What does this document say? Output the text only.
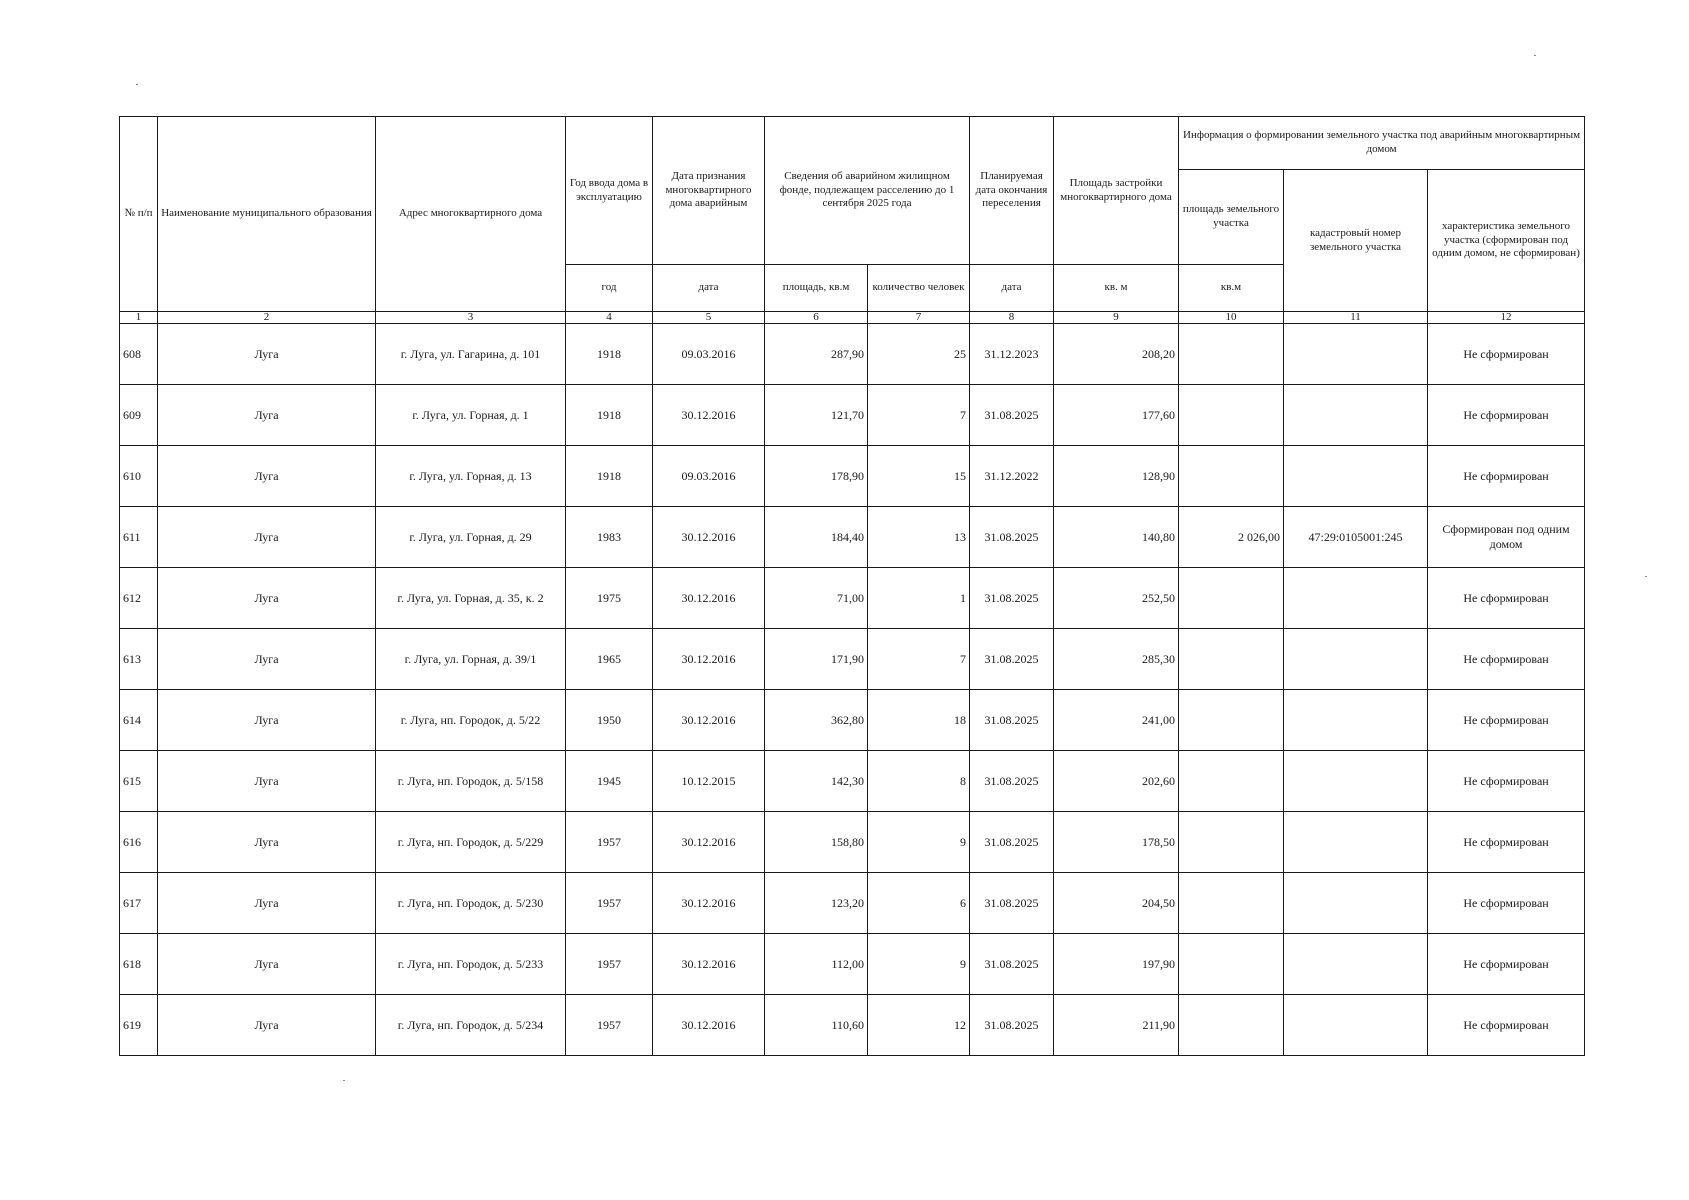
№ п/п	Наименование муниципального образования	Адрес многоквартирного дома	Год ввода дома в эксплуатацию	Дата признания многоквартирного дома аварийным	Сведения об аварийном жилищном фонде, подлежащем расселению до 1 сентября 2025 года		Планируемая дата окончания переселения	Площадь застройки многоквартирного дома	Информация о формировании земельного участка под аварийным многоквартирным домом		
									площадь земельного участка	кадастровый номер земельного участка	характеристика земельного участка (сформирован под одним домом, не сформирован)
			год	дата	площадь, кв.м	количество человек	дата	кв. м	кв.м		
1	2	3	4	5	6	7	8	9	10	11	12
608	Луга	г. Луга, ул. Гагарина, д. 101	1918	09.03.2016	287,90	25	31.12.2023	208,20			Не сформирован
609	Луга	г. Луга, ул. Горная, д. 1	1918	30.12.2016	121,70	7	31.08.2025	177,60			Не сформирован
610	Луга	г. Луга, ул. Горная, д. 13	1918	09.03.2016	178,90	15	31.12.2022	128,90			Не сформирован
611	Луга	г. Луга, ул. Горная, д. 29	1983	30.12.2016	184,40	13	31.08.2025	140,80	2 026,00	47:29:0105001:245	Сформирован под одним домом
612	Луга	г. Луга, ул. Горная, д. 35, к. 2	1975	30.12.2016	71,00	1	31.08.2025	252,50			Не сформирован
613	Луга	г. Луга, ул. Горная, д. 39/1	1965	30.12.2016	171,90	7	31.08.2025	285,30			Не сформирован
614	Луга	г. Луга, нп. Городок, д. 5/22	1950	30.12.2016	362,80	18	31.08.2025	241,00			Не сформирован
615	Луга	г. Луга, нп. Городок, д. 5/158	1945	10.12.2015	142,30	8	31.08.2025	202,60			Не сформирован
616	Луга	г. Луга, нп. Городок, д. 5/229	1957	30.12.2016	158,80	9	31.08.2025	178,50			Не сформирован
617	Луга	г. Луга, нп. Городок, д. 5/230	1957	30.12.2016	123,20	6	31.08.2025	204,50			Не сформирован
618	Луга	г. Луга, нп. Городок, д. 5/233	1957	30.12.2016	112,00	9	31.08.2025	197,90			Не сформирован
619	Луга	г. Луга, нп. Городок, д. 5/234	1957	30.12.2016	110,60	12	31.08.2025	211,90			Не сформирован
